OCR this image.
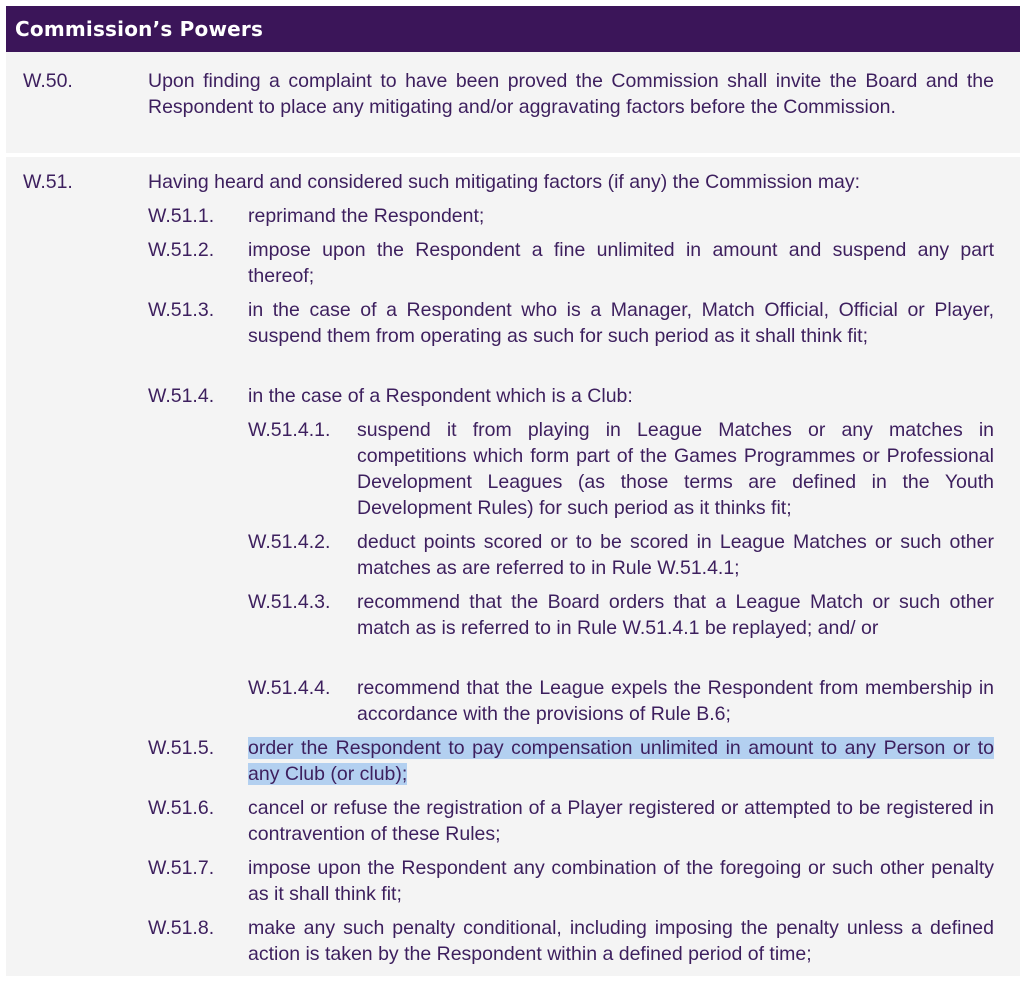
Commission’s Powers
W.50.	Upon finding a complaint to have been proved the Commission shall invite the Board and the Respondent to place any mitigating and/or aggravating factors before the Commission.
W.51.	Having heard and considered such mitigating factors (if any) the Commission may:
W.51.1. reprimand the Respondent;
W.51.2. impose upon the Respondent a fine unlimited in amount and suspend any part thereof;
W.51.3. in the case of a Respondent who is a Manager, Match Official, Official or Player, suspend them from operating as such for such period as it shall think fit;
W.51.4. in the case of a Respondent which is a Club:
W.51.4.1. suspend it from playing in League Matches or any matches in competitions which form part of the Games Programmes or Professional Development Leagues (as those terms are defined in the Youth Development Rules) for such period as it thinks fit;
W.51.4.2. deduct points scored or to be scored in League Matches or such other matches as are referred to in Rule W.51.4.1;
W.51.4.3. recommend that the Board orders that a League Match or such other match as is referred to in Rule W.51.4.1 be replayed; and/ or
W.51.4.4. recommend that the League expels the Respondent from membership in accordance with the provisions of Rule B.6;
W.51.5. order the Respondent to pay compensation unlimited in amount to any Person or to any Club (or club);
W.51.6. cancel or refuse the registration of a Player registered or attempted to be registered in contravention of these Rules;
W.51.7. impose upon the Respondent any combination of the foregoing or such other penalty as it shall think fit;
W.51.8. make any such penalty conditional, including imposing the penalty unless a defined action is taken by the Respondent within a defined period of time;
